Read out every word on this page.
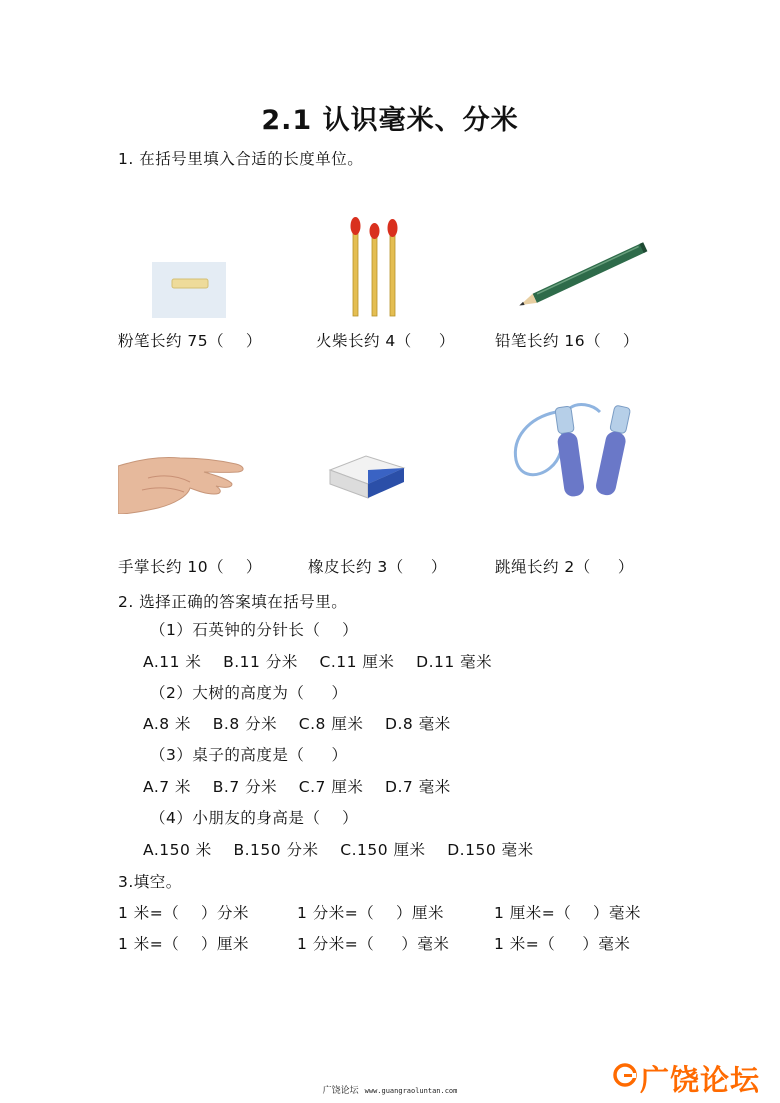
2.1 认识毫米、分米
1. 在括号里填入合适的长度单位。
粉笔长约 75（    ）	火柴长约 4（     ）	铅笔长约 16（    ）
手掌长约 10（    ）	橡皮长约 3（     ）	跳绳长约 2（     ）
2. 选择正确的答案填在括号里。
（1）石英钟的分针长（    ）
A.11 米    B.11 分米    C.11 厘米    D.11 毫米
（2）大树的高度为（     ）
A.8 米    B.8 分米    C.8 厘米    D.8 毫米
（3）桌子的高度是（     ）
A.7 米    B.7 分米    C.7 厘米    D.7 毫米
（4）小朋友的身高是（    ）
A.150 米    B.150 分米    C.150 厘米    D.150 毫米
3.填空。
1 米=（    ）分米	1 分米=（    ）厘米	1 厘米=（    ）毫米
1 米=（    ）厘米	1 分米=（     ）毫米	1 米=（     ）毫米
广饶论坛
广饶论坛 www.guangraoluntan.com
